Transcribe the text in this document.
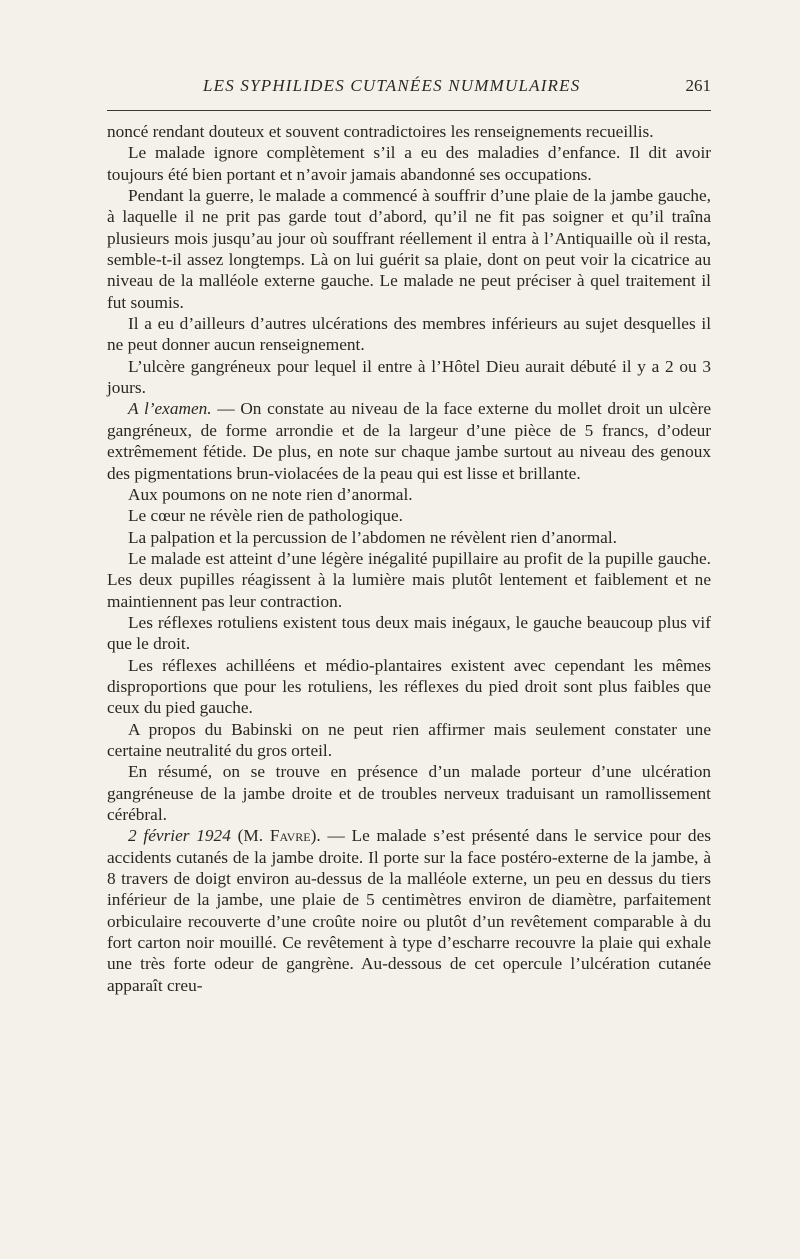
LES SYPHILIDES CUTANÉES NUMMULAIRES	261

noncé rendant douteux et souvent contradictoires les renseignements recueillis.

Le malade ignore complètement s’il a eu des maladies d’enfance. Il dit avoir toujours été bien portant et n’avoir jamais abandonné ses occupations.

Pendant la guerre, le malade a commencé à souffrir d’une plaie de la jambe gauche, à laquelle il ne prit pas garde tout d’abord, qu’il ne fit pas soigner et qu’il traîna plusieurs mois jusqu’au jour où souffrant réellement il entra à l’Antiquaille où il resta, semble-t-il assez longtemps. Là on lui guérit sa plaie, dont on peut voir la cicatrice au niveau de la malléole externe gauche. Le malade ne peut préciser à quel traitement il fut soumis.

Il a eu d’ailleurs d’autres ulcérations des membres inférieurs au sujet desquelles il ne peut donner aucun renseignement.

L’ulcère gangréneux pour lequel il entre à l’Hôtel Dieu aurait débuté il y a 2 ou 3 jours.

A l’examen. — On constate au niveau de la face externe du mollet droit un ulcère gangréneux, de forme arrondie et de la largeur d’une pièce de 5 francs, d’odeur extrêmement fétide. De plus, en note sur chaque jambe surtout au niveau des genoux des pigmentations brun-violacées de la peau qui est lisse et brillante.

Aux poumons on ne note rien d’anormal.

Le cœur ne révèle rien de pathologique.

La palpation et la percussion de l’abdomen ne révèlent rien d’anormal.

Le malade est atteint d’une légère inégalité pupillaire au profit de la pupille gauche. Les deux pupilles réagissent à la lumière mais plutôt lentement et faiblement et ne maintiennent pas leur contraction.

Les réflexes rotuliens existent tous deux mais inégaux, le gauche beaucoup plus vif que le droit.

Les réflexes achilléens et médio-plantaires existent avec cependant les mêmes disproportions que pour les rotuliens, les réflexes du pied droit sont plus faibles que ceux du pied gauche.

A propos du Babinski on ne peut rien affirmer mais seulement constater une certaine neutralité du gros orteil.

En résumé, on se trouve en présence d’un malade porteur d’une ulcération gangréneuse de la jambe droite et de troubles nerveux traduisant un ramollissement cérébral.

2 février 1924 (M. Favre). — Le malade s’est présenté dans le service pour des accidents cutanés de la jambe droite. Il porte sur la face postéro-externe de la jambe, à 8 travers de doigt environ au-dessus de la malléole externe, un peu en dessus du tiers inférieur de la jambe, une plaie de 5 centimètres environ de diamètre, parfaitement orbiculaire recouverte d’une croûte noire ou plutôt d’un revêtement comparable à du fort carton noir mouillé. Ce revêtement à type d’escharre recouvre la plaie qui exhale une très forte odeur de gangrène. Au-dessous de cet opercule l’ulcération cutanée apparaît creu-
